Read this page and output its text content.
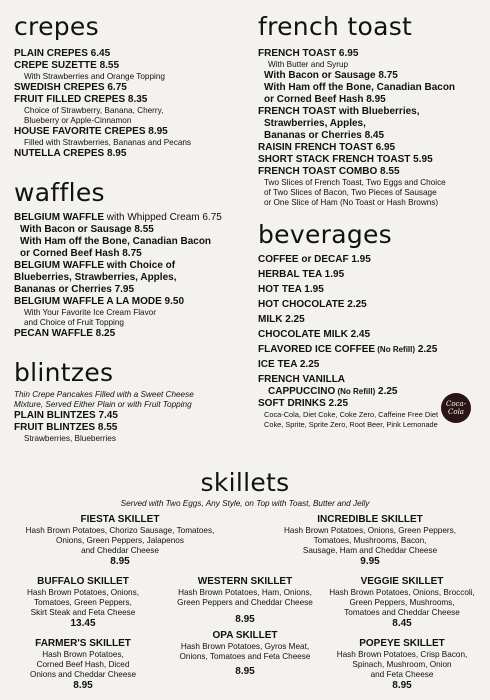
crepes
PLAIN CREPES 6.45
CREPE SUZETTE 8.55
With Strawberries and Orange Topping
SWEDISH CREPES 6.75
FRUIT FILLED CREPES 8.35
Choice of Strawberry, Banana, Cherry,
Blueberry or Apple-Cinnamon
HOUSE FAVORITE CREPES 8.95
Filled with Strawberries, Bananas and Pecans
NUTELLA CREPES 8.95
waffles
BELGIUM WAFFLE with Whipped Cream 6.75
With Bacon or Sausage 8.55
With Ham off the Bone, Canadian Bacon
or Corned Beef Hash 8.75
BELGIUM WAFFLE with Choice of
Blueberries, Strawberries, Apples,
Bananas or Cherries 7.95
BELGIUM WAFFLE A LA MODE 9.50
With Your Favorite Ice Cream Flavor
and Choice of Fruit Topping
PECAN WAFFLE 8.25
blintzes
Thin Crepe Pancakes Filled with a Sweet Cheese
Mixture, Served Either Plain or with Fruit Topping
PLAIN BLINTZES 7.45
FRUIT BLINTZES 8.55
Strawberries, Blueberries
french toast
FRENCH TOAST 6.95
With Butter and Syrup
With Bacon or Sausage 8.75
With Ham off the Bone, Canadian Bacon
or Corned Beef Hash 8.95
FRENCH TOAST with Blueberries,
Strawberries, Apples,
Bananas or Cherries 8.45
RAISIN FRENCH TOAST 6.95
SHORT STACK FRENCH TOAST 5.95
FRENCH TOAST COMBO 8.55
Two Slices of French Toast, Two Eggs and Choice
of Two Slices of Bacon, Two Pieces of Sausage
or One Slice of Ham (No Toast or Hash Browns)
beverages
COFFEE or DECAF 1.95
HERBAL TEA 1.95
HOT TEA 1.95
HOT CHOCOLATE 2.25
MILK 2.25
CHOCOLATE MILK 2.45
FLAVORED ICE COFFEE (No Refill) 2.25
ICE TEA 2.25
FRENCH VANILLA
CAPPUCCINO (No Refill) 2.25
SOFT DRINKS 2.25
Coca-Cola, Diet Coke, Coke Zero, Caffeine Free Diet
Coke, Sprite, Sprite Zero, Root Beer, Pink Lemonade
Coca-Cola
skillets
Served with Two Eggs, Any Style, on Top with Toast, Butter and Jelly
FIESTA SKILLET
Hash Brown Potatoes, Chorizo Sausage, Tomatoes,
Onions, Green Peppers, Jalapenos
and Cheddar Cheese
8.95
INCREDIBLE SKILLET
Hash Brown Potatoes, Onions, Green Peppers,
Tomatoes, Mushrooms, Bacon,
Sausage, Ham and Cheddar Cheese
9.95
BUFFALO SKILLET
Hash Brown Potatoes, Onions,
Tomatoes, Green Peppers,
Skirt Steak and Feta Cheese
13.45
WESTERN SKILLET
Hash Brown Potatoes, Ham, Onions,
Green Peppers and Cheddar Cheese
8.95
VEGGIE SKILLET
Hash Brown Potatoes, Onions, Broccoli,
Green Peppers, Mushrooms,
Tomatoes and Cheddar Cheese
8.45
FARMER'S SKILLET
Hash Brown Potatoes,
Corned Beef Hash, Diced
Onions and Cheddar Cheese
8.95
OPA SKILLET
Hash Brown Potatoes, Gyros Meat,
Onions, Tomatoes and Feta Cheese
8.95
POPEYE SKILLET
Hash Brown Potatoes, Crisp Bacon,
Spinach, Mushroom, Onion
and Feta Cheese
8.95
